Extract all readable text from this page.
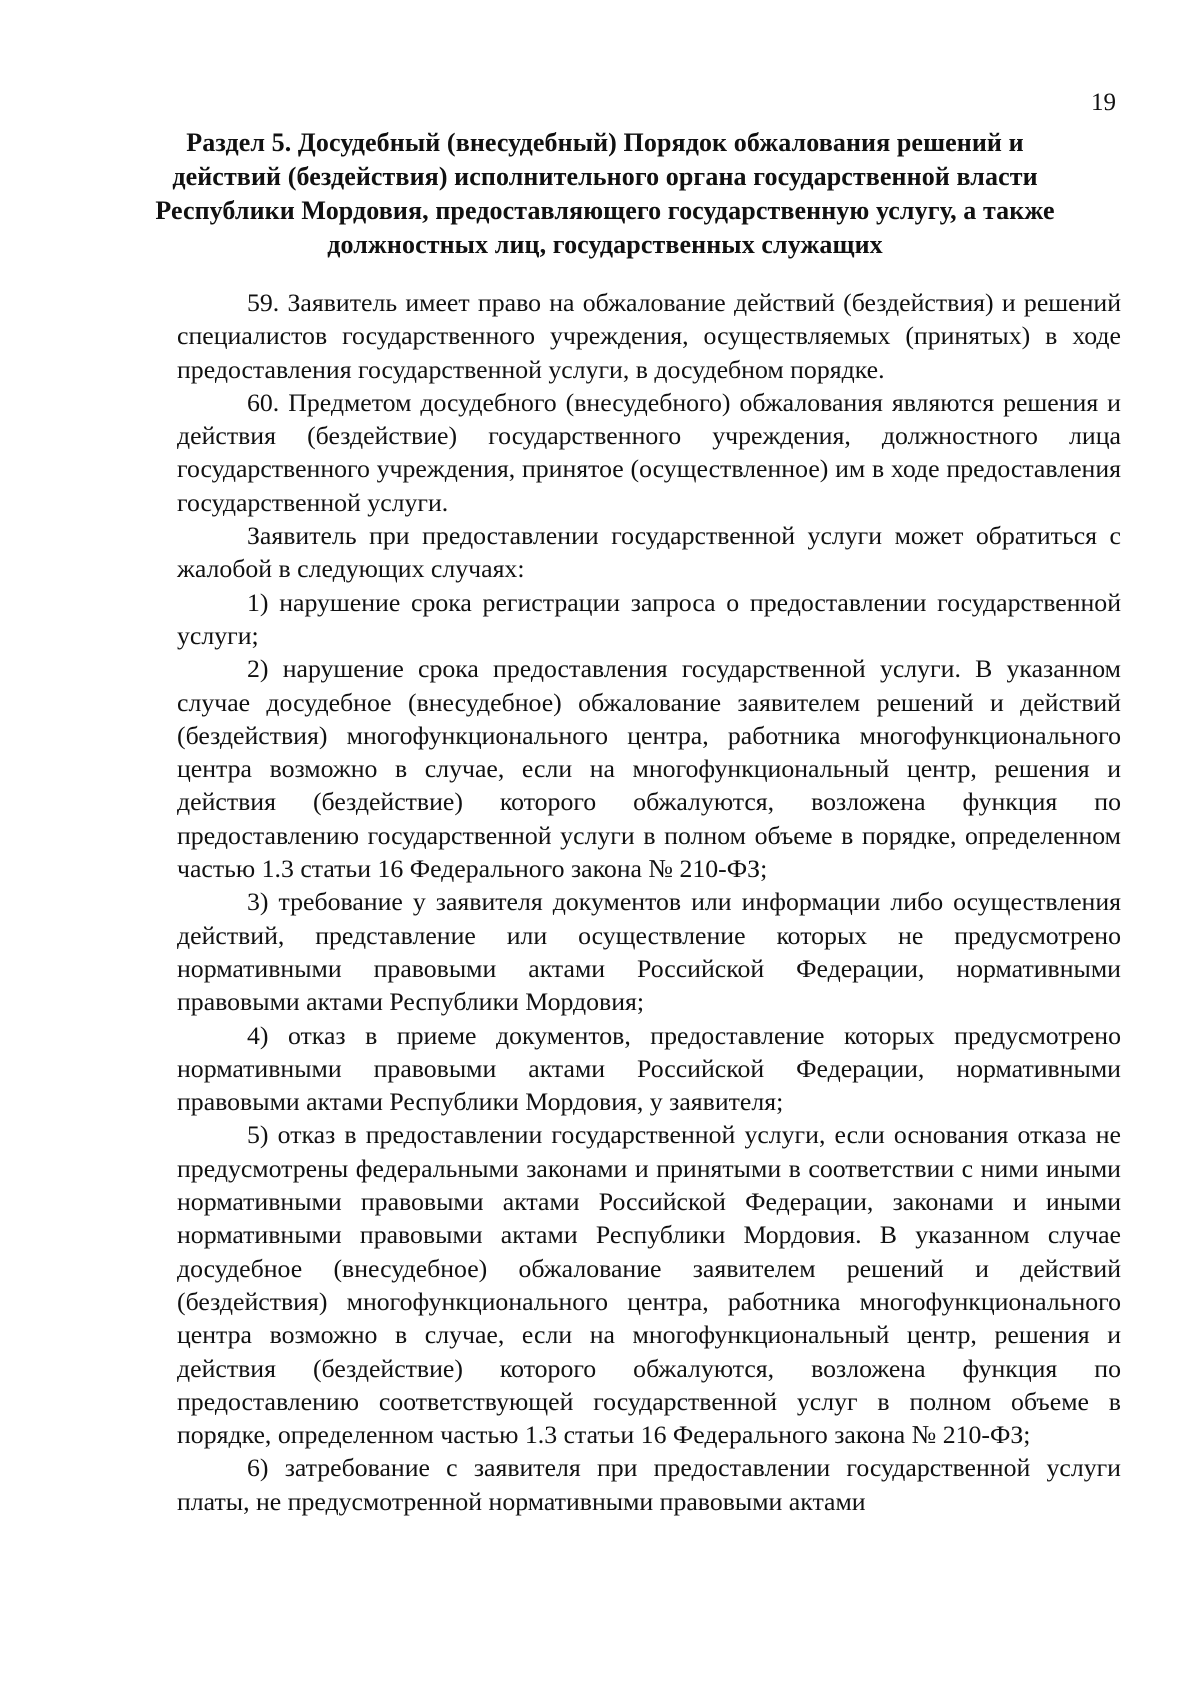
19
Раздел 5. Досудебный (внесудебный) Порядок обжалования решений и действий (бездействия) исполнительного органа государственной власти Республики Мордовия, предоставляющего государственную услугу, а также должностных лиц, государственных служащих

59. Заявитель имеет право на обжалование действий (бездействия) и решений специалистов государственного учреждения, осуществляемых (принятых) в ходе предоставления государственной услуги, в досудебном порядке.

60. Предметом досудебного (внесудебного) обжалования являются решения и действия (бездействие) государственного учреждения, должностного лица государственного учреждения, принятое (осуществленное) им в ходе предоставления государственной услуги.

Заявитель при предоставлении государственной услуги может обратиться с жалобой в следующих случаях:

1) нарушение срока регистрации запроса о предоставлении государственной услуги;

2) нарушение срока предоставления государственной услуги. В указанном случае досудебное (внесудебное) обжалование заявителем решений и действий (бездействия) многофункционального центра, работника многофункционального центра возможно в случае, если на многофункциональный центр, решения и действия (бездействие) которого обжалуются, возложена функция по предоставлению государственной услуги в полном объеме в порядке, определенном частью 1.3 статьи 16 Федерального закона № 210-ФЗ;

3) требование у заявителя документов или информации либо осуществления действий, представление или осуществление которых не предусмотрено нормативными правовыми актами Российской Федерации, нормативными правовыми актами Республики Мордовия;

4) отказ в приеме документов, предоставление которых предусмотрено нормативными правовыми актами Российской Федерации, нормативными правовыми актами Республики Мордовия, у заявителя;

5) отказ в предоставлении государственной услуги, если основания отказа не предусмотрены федеральными законами и принятыми в соответствии с ними иными нормативными правовыми актами Российской Федерации, законами и иными нормативными правовыми актами Республики Мордовия. В указанном случае досудебное (внесудебное) обжалование заявителем решений и действий (бездействия) многофункционального центра, работника многофункционального центра возможно в случае, если на многофункциональный центр, решения и действия (бездействие) которого обжалуются, возложена функция по предоставлению соответствующей государственной услуг в полном объеме в порядке, определенном частью 1.3 статьи 16 Федерального закона № 210-ФЗ;

6) затребование с заявителя при предоставлении государственной услуги платы, не предусмотренной нормативными правовыми актами
